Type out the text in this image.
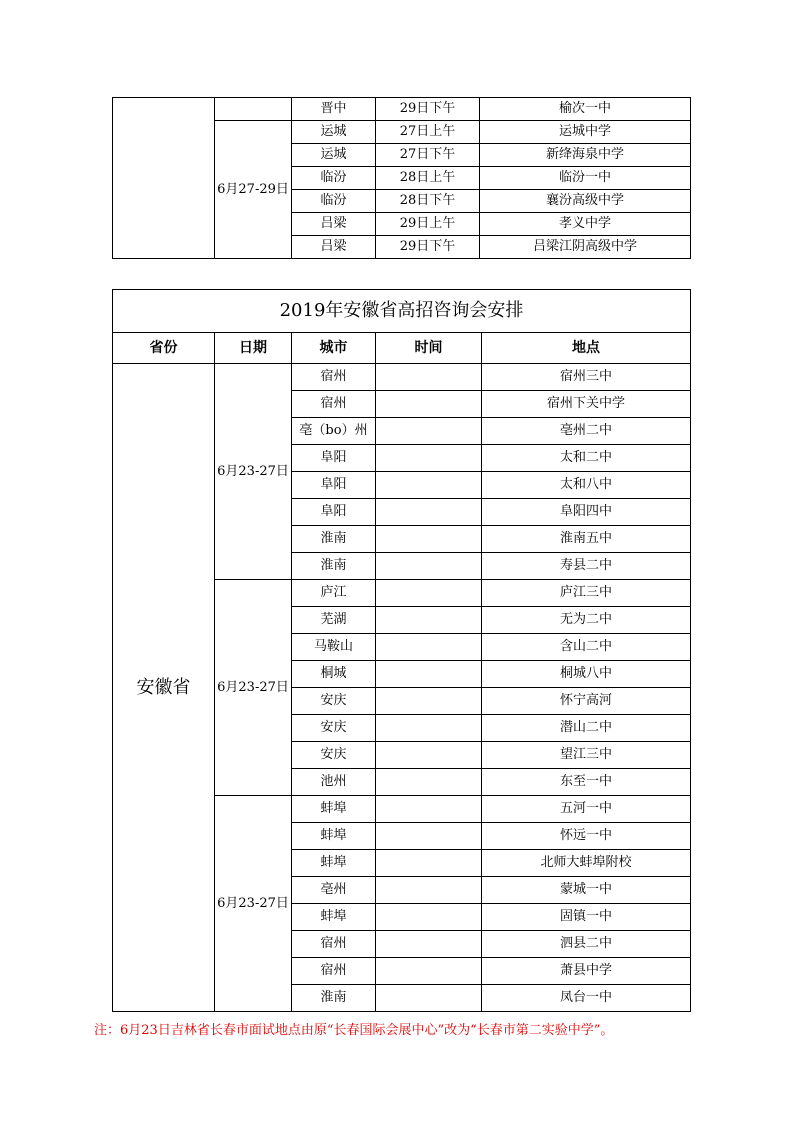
		晋中	29日下午	榆次一中
	6月27-29日	运城	27日上午	运城中学
		运城	27日下午	新绛海泉中学
		临汾	28日上午	临汾一中
		临汾	28日下午	襄汾高级中学
		吕梁	29日上午	孝义中学
		吕梁	29日下午	吕梁江阴高级中学
2019年安徽省高招咨询会安排				
省份	日期	城市	时间	地点
安徽省	6月23-27日	宿州		宿州三中
		宿州		宿州下关中学
		亳（bo）州		亳州二中
		阜阳		太和二中
		阜阳		太和八中
		阜阳		阜阳四中
		淮南		淮南五中
		淮南		寿县二中
	6月23-27日	庐江		庐江三中
		芜湖		无为二中
		马鞍山		含山二中
		桐城		桐城八中
		安庆		怀宁高河
		安庆		潜山二中
		安庆		望江三中
		池州		东至一中
	6月23-27日	蚌埠		五河一中
		蚌埠		怀远一中
		蚌埠		北师大蚌埠附校
		亳州		蒙城一中
		蚌埠		固镇一中
		宿州		泗县二中
		宿州		萧县中学
		淮南		凤台一中
注：6月23日吉林省长春市面试地点由原“长春国际会展中心”改为“长春市第二实验中学”。
